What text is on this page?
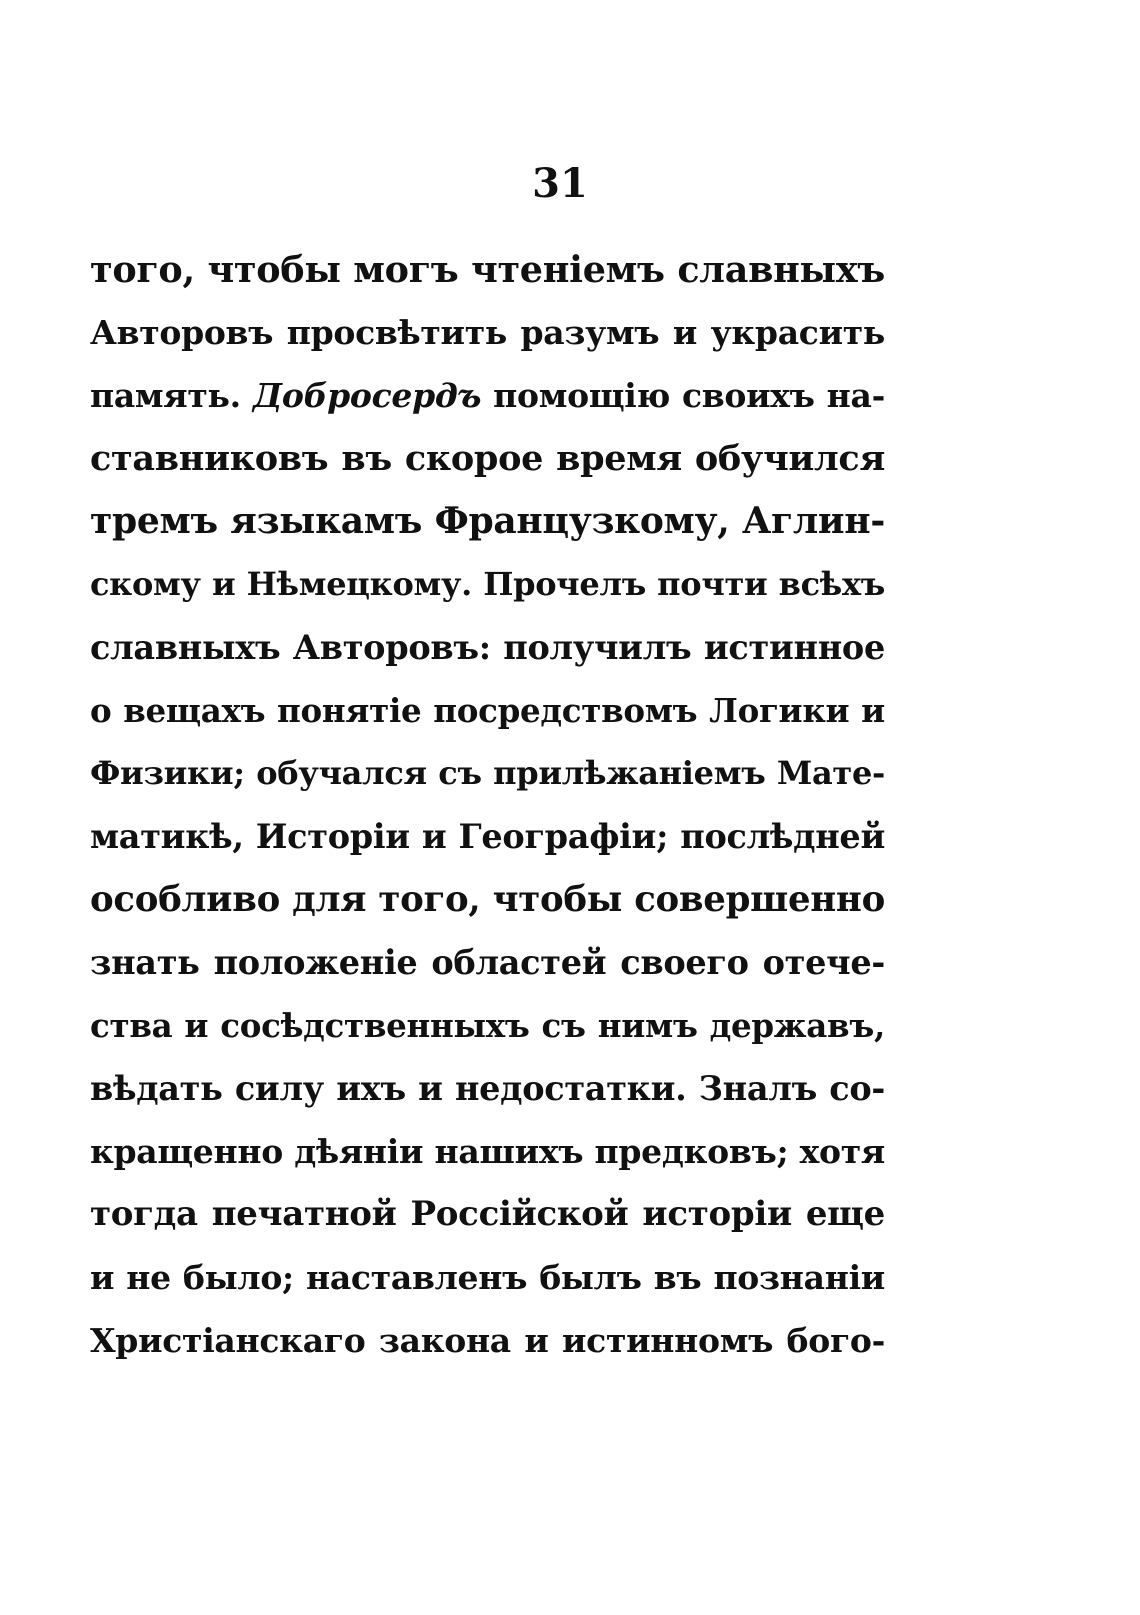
31
того, чтобы могъ чтеніемъ славныхъ
Авторовъ просвѣтить разумъ и украсить
память. Добросердъ помощію своихъ на-
ставниковъ въ скорое время обучился
тремъ языкамъ Французкому, Аглин-
скому и Нѣмецкому. Прочелъ почти всѣхъ
славныхъ Авторовъ: получилъ истинное
о вещахъ понятіе посредствомъ Логики и
Физики; обучался съ прилѣжаніемъ Мате-
матикѣ, Исторіи и Географіи; послѣдней
особливо для того, чтобы совершенно
знать положеніе областей своего отече-
ства и сосѣдственныхъ съ нимъ державъ,
вѣдать силу ихъ и недостатки. Зналъ со-
кращенно дѣяніи нашихъ предковъ; хотя
тогда печатной Россійской исторіи еще
и не было; наставленъ былъ въ познаніи
Христіанскаго закона и истинномъ бого-
